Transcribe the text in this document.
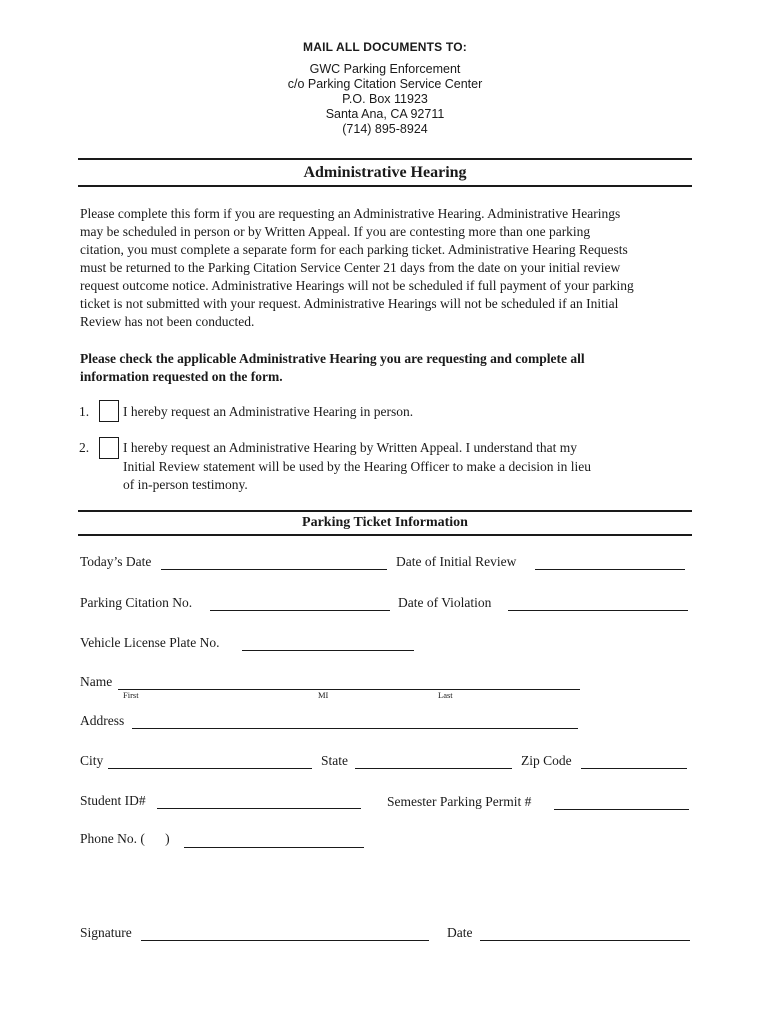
MAIL ALL DOCUMENTS TO:
GWC Parking Enforcement
c/o Parking Citation Service Center
P.O. Box 11923
Santa Ana, CA 92711
(714) 895-8924
Administrative Hearing
Please complete this form if you are requesting an Administrative Hearing. Administrative Hearings
may be scheduled in person or by Written Appeal. If you are contesting more than one parking
citation, you must complete a separate form for each parking ticket. Administrative Hearing Requests
must be returned to the Parking Citation Service Center 21 days from the date on your initial review
request outcome notice. Administrative Hearings will not be scheduled if full payment of your parking
ticket is not submitted with your request. Administrative Hearings will not be scheduled if an Initial
Review has not been conducted.
Please check the applicable Administrative Hearing you are requesting and complete all
information requested on the form.
1.	I hereby request an Administrative Hearing in person.
2.	I hereby request an Administrative Hearing by Written Appeal. I understand that my
Initial Review statement will be used by the Hearing Officer to make a decision in lieu
of in-person testimony.
Parking Ticket Information
Today’s Date	Date of Initial Review
Parking Citation No.	Date of Violation
Vehicle License Plate No.
Name
First	MI	Last
Address
City	State	Zip Code
Student ID#	Semester Parking Permit #
Phone No. (      )
Signature	Date
